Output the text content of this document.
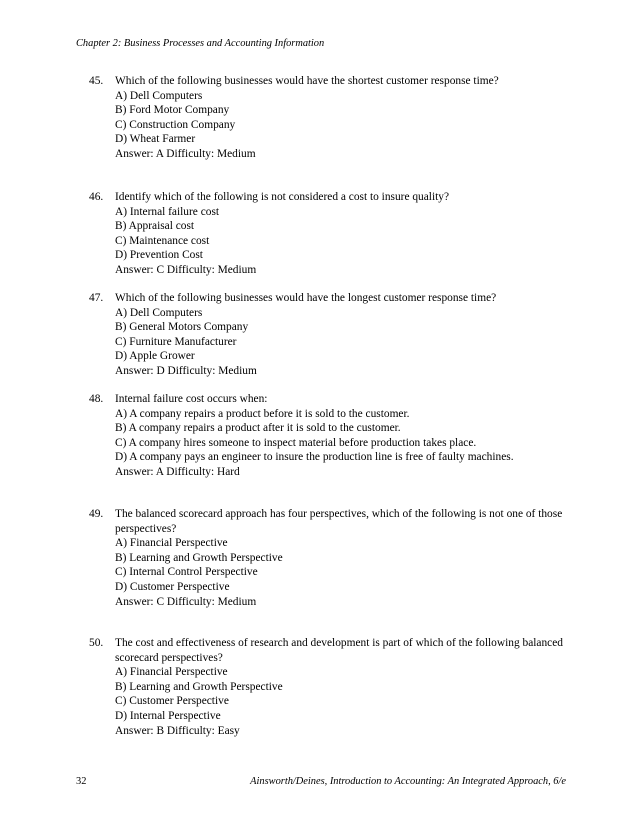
Chapter 2: Business Processes and Accounting Information
45.	Which of the following businesses would have the shortest customer response time?
A) Dell Computers
B) Ford Motor Company
C) Construction Company
D) Wheat Farmer
Answer: A Difficulty: Medium
46.	Identify which of the following is not considered a cost to insure quality?
A) Internal failure cost
B) Appraisal cost
C) Maintenance cost
D) Prevention Cost
Answer: C Difficulty: Medium
47.	Which of the following businesses would have the longest customer response time?
A) Dell Computers
B) General Motors Company
C) Furniture Manufacturer
D) Apple Grower
Answer: D Difficulty: Medium
48.	Internal failure cost occurs when:
A) A company repairs a product before it is sold to the customer.
B) A company repairs a product after it is sold to the customer.
C) A company hires someone to inspect material before production takes place.
D) A company pays an engineer to insure the production line is free of faulty machines.
Answer: A Difficulty: Hard
49.	The balanced scorecard approach has four perspectives, which of the following is not one of those perspectives?
A) Financial Perspective
B) Learning and Growth Perspective
C) Internal Control Perspective
D) Customer Perspective
Answer: C Difficulty: Medium
50.	The cost and effectiveness of research and development is part of which of the following balanced scorecard perspectives?
A) Financial Perspective
B) Learning and Growth Perspective
C) Customer Perspective
D) Internal Perspective
Answer: B Difficulty: Easy
32	Ainsworth/Deines, Introduction to Accounting: An Integrated Approach, 6/e
